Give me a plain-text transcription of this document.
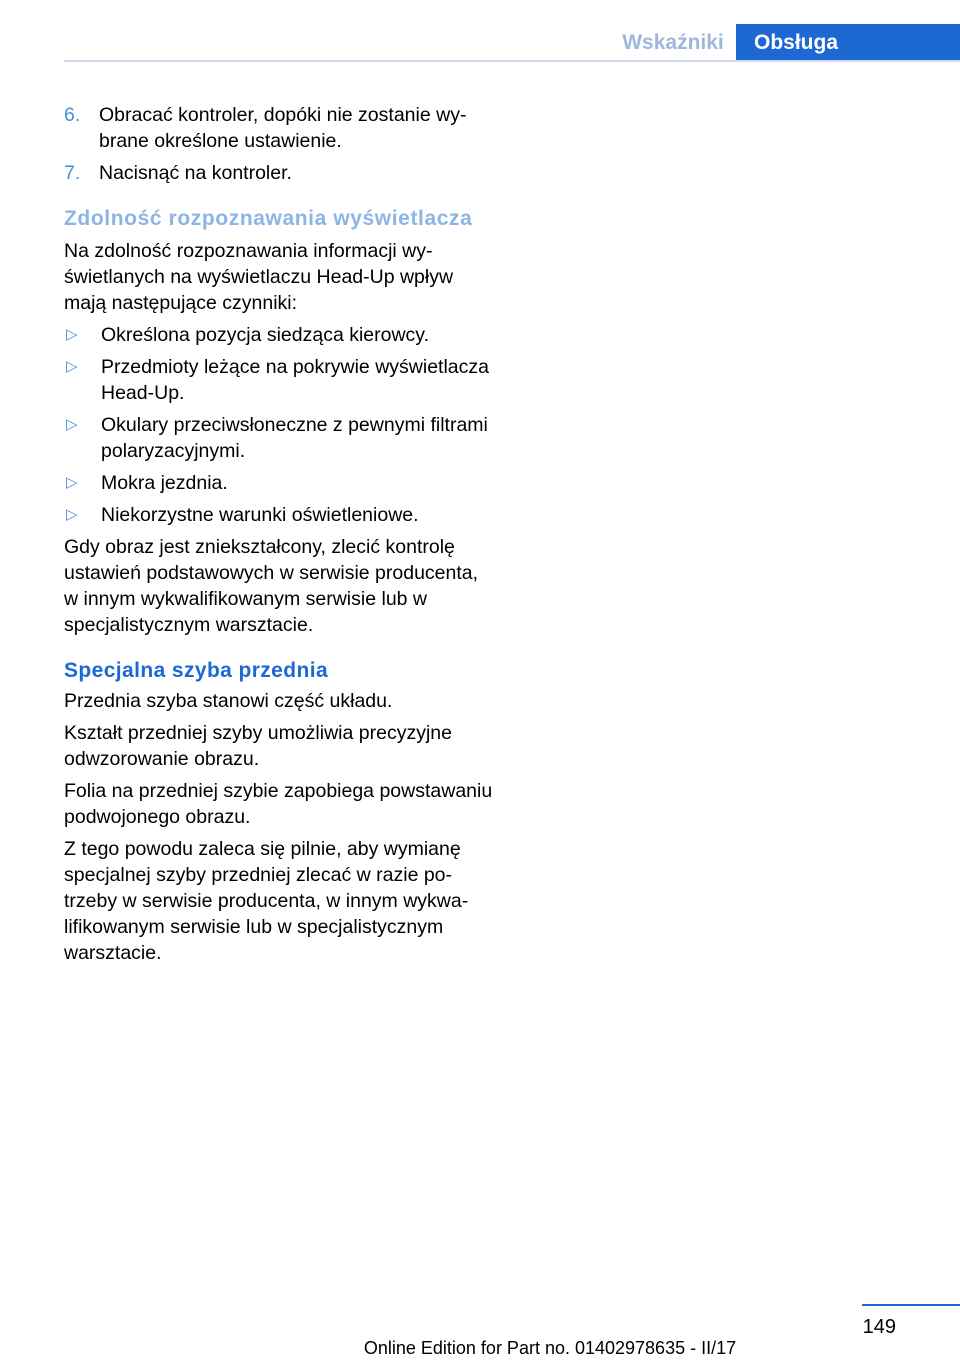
Wskaźniki	Obsługa
6. Obracać kontroler, dopóki nie zostanie wybrane określone ustawienie.
7. Nacisnąć na kontroler.
Zdolność rozpoznawania wyświetlacza

Na zdolność rozpoznawania informacji wyświetlanych na wyświetlaczu Head-Up wpływ mają następujące czynniki:

▷	Określona pozycja siedząca kierowcy.
▷	Przedmioty leżące na pokrywie wyświetlacza Head-Up.
▷	Okulary przeciwsłoneczne z pewnymi filtrami polaryzacyjnymi.
▷	Mokra jezdnia.
▷	Niekorzystne warunki oświetleniowe.

Gdy obraz jest zniekształcony, zlecić kontrolę ustawień podstawowych w serwisie producenta, w innym wykwalifikowanym serwisie lub w specjalistycznym warsztacie.

Specjalna szyba przednia

Przednia szyba stanowi część układu.

Kształt przedniej szyby umożliwia precyzyjne odwzorowanie obrazu.

Folia na przedniej szybie zapobiega powstawaniu podwojonego obrazu.

Z tego powodu zaleca się pilnie, aby wymianę specjalnej szyby przedniej zlecać w razie potrzeby w serwisie producenta, w innym wykwalifikowanym serwisie lub w specjalistycznym warsztacie.

149
Online Edition for Part no. 01402978635 - II/17
